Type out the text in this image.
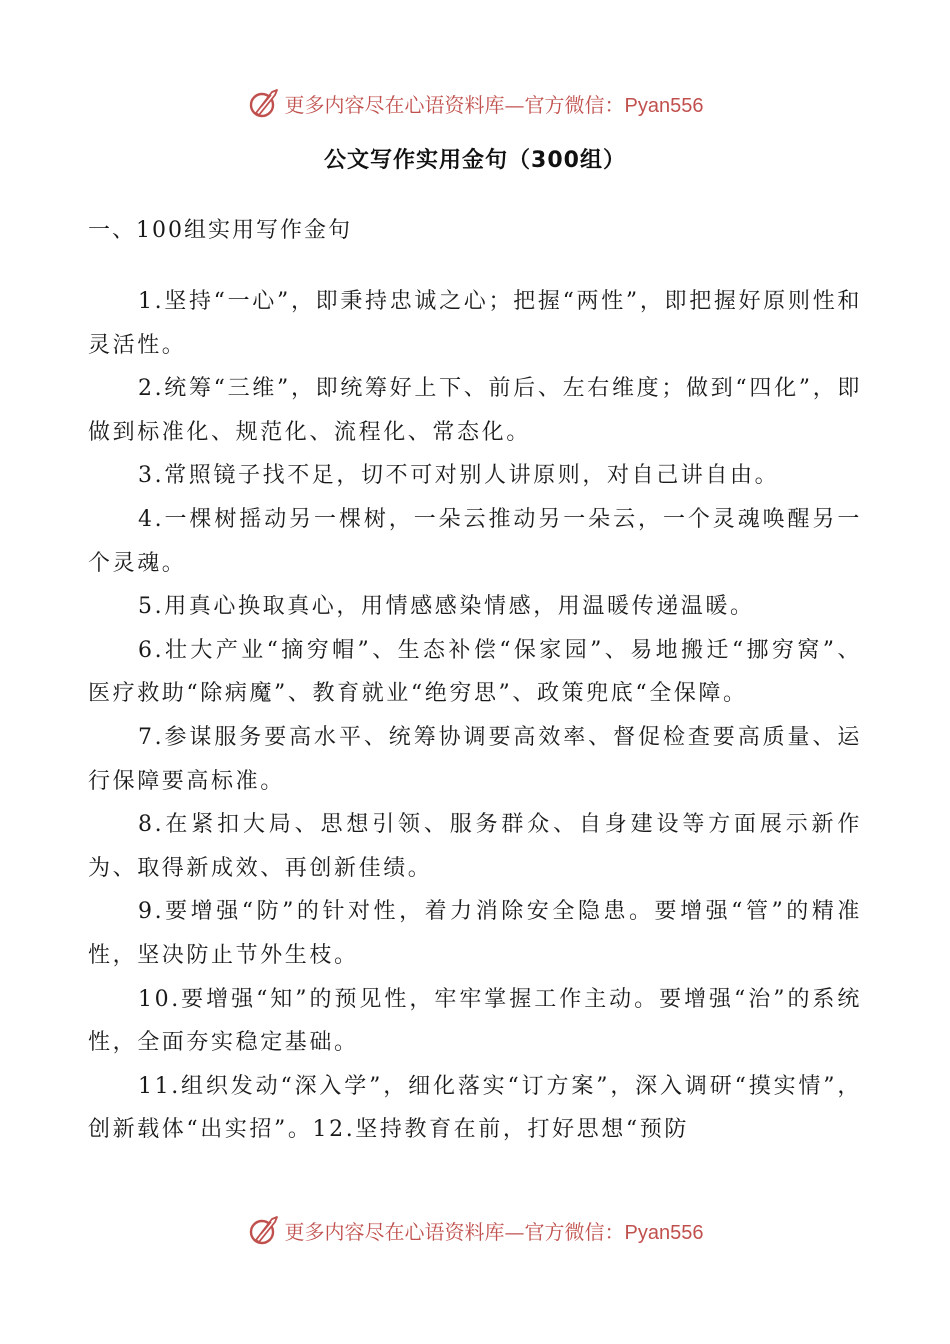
更多内容尽在心语资料库—官方微信：Pyan556
公文写作实用金句（300组）
一、100组实用写作金句

1.坚持“一心”，即秉持忠诚之心；把握“两性”，即把握好原则性和灵活性。

2.统筹“三维”，即统筹好上下、前后、左右维度；做到“四化”，即做到标准化、规范化、流程化、常态化。

3.常照镜子找不足，切不可对别人讲原则，对自己讲自由。

4.一棵树摇动另一棵树，一朵云推动另一朵云，一个灵魂唤醒另一个灵魂。

5.用真心换取真心，用情感感染情感，用温暖传递温暖。

6.壮大产业“摘穷帽”、生态补偿“保家园”、易地搬迁“挪穷窝”、医疗救助“除病魔”、教育就业“绝穷思”、政策兜底“全保障。

7.参谋服务要高水平、统筹协调要高效率、督促检查要高质量、运行保障要高标准。

8.在紧扣大局、思想引领、服务群众、自身建设等方面展示新作为、取得新成效、再创新佳绩。

9.要增强“防”的针对性，着力消除安全隐患。要增强“管”的精准性，坚决防止节外生枝。

10.要增强“知”的预见性，牢牢掌握工作主动。要增强“治”的系统性，全面夯实稳定基础。

11.组织发动“深入学”，细化落实“订方案”，深入调研“摸实情”，创新载体“出实招”。12.坚持教育在前，打好思想“预防

更多内容尽在心语资料库—官方微信：Pyan556
